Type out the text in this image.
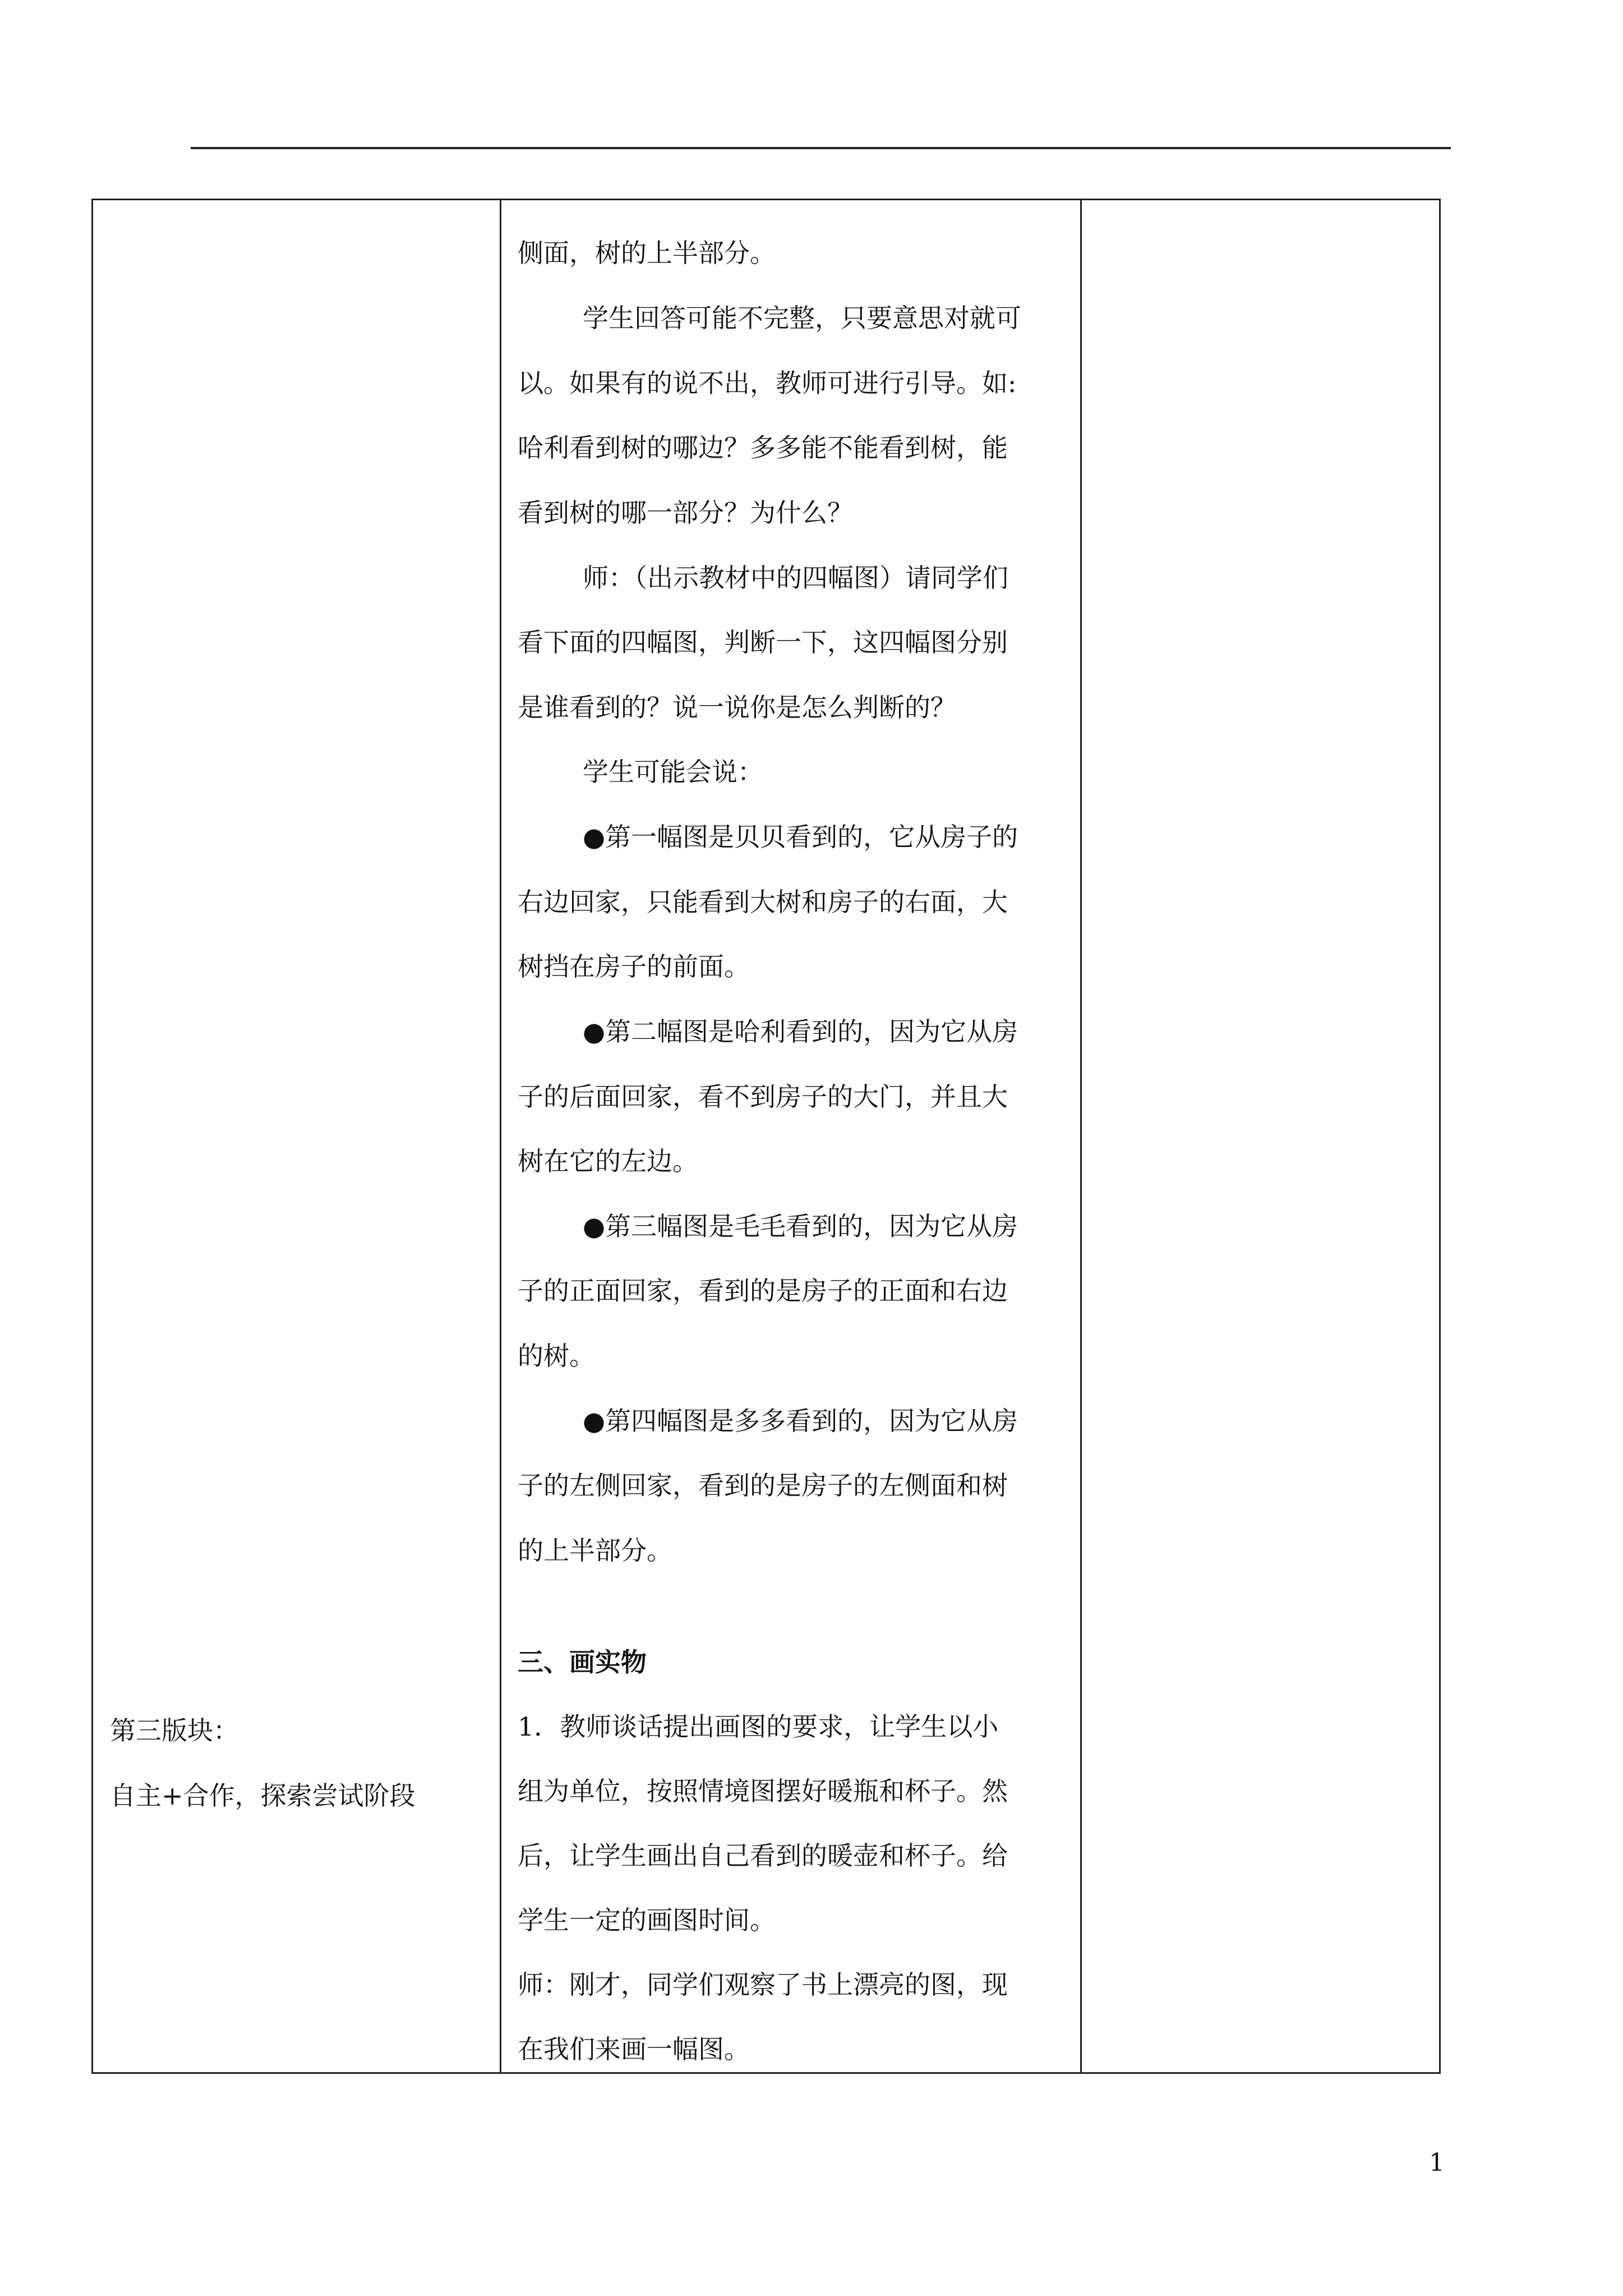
第三版块：
自主+合作，探索尝试阶段
侧面，树的上半部分。
学生回答可能不完整，只要意思对就可
以。如果有的说不出，教师可进行引导。如:
哈利看到树的哪边？多多能不能看到树，能
看到树的哪一部分？为什么？
师：（出示教材中的四幅图）请同学们
看下面的四幅图，判断一下，这四幅图分别
是谁看到的？说一说你是怎么判断的？
学生可能会说：
●第一幅图是贝贝看到的，它从房子的
右边回家，只能看到大树和房子的右面，大
树挡在房子的前面。
●第二幅图是哈利看到的，因为它从房
子的后面回家，看不到房子的大门，并且大
树在它的左边。
●第三幅图是毛毛看到的，因为它从房
子的正面回家，看到的是房子的正面和右边
的树。
●第四幅图是多多看到的，因为它从房
子的左侧回家，看到的是房子的左侧面和树
的上半部分。
三、画实物
1．教师谈话提出画图的要求，让学生以小
组为单位，按照情境图摆好暖瓶和杯子。然
后，让学生画出自己看到的暖壶和杯子。给
学生一定的画图时间。
师：刚才，同学们观察了书上漂亮的图，现
在我们来画一幅图。
1
